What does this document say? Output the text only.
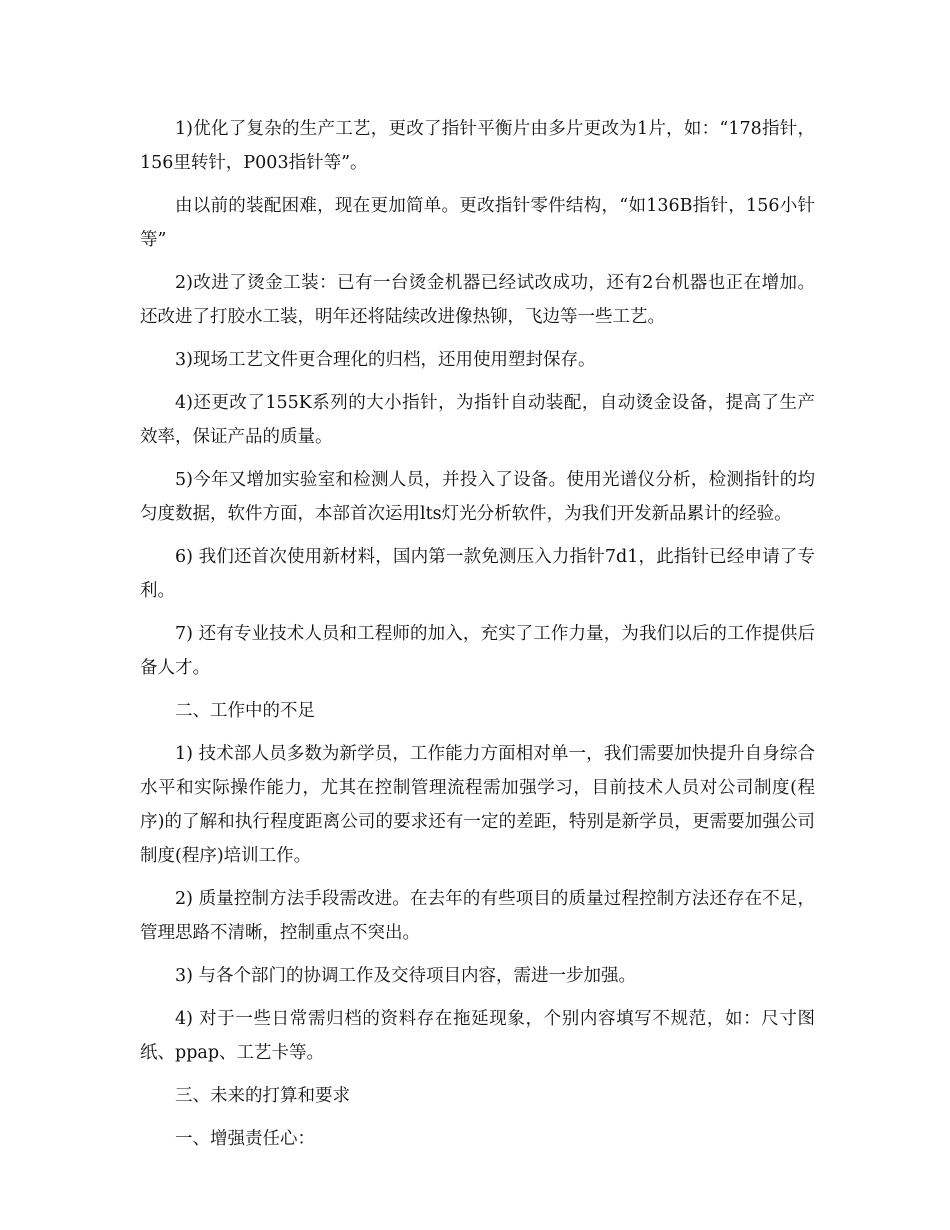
1)优化了复杂的生产工艺，更改了指针平衡片由多片更改为1片，如：“178指针，156里转针，P003指针等”。

由以前的装配困难，现在更加简单。更改指针零件结构，“如136B指针，156小针等”

2)改进了烫金工装：已有一台烫金机器已经试改成功，还有2台机器也正在增加。还改进了打胶水工装，明年还将陆续改进像热铆，飞边等一些工艺。

3)现场工艺文件更合理化的归档，还用使用塑封保存。

4)还更改了155K系列的大小指针，为指针自动装配，自动烫金设备，提高了生产效率，保证产品的质量。

5)今年又增加实验室和检测人员，并投入了设备。使用光谱仪分析，检测指针的均匀度数据，软件方面，本部首次运用lts灯光分析软件，为我们开发新品累计的经验。

6) 我们还首次使用新材料，国内第一款免测压入力指针7d1，此指针已经申请了专利。

7) 还有专业技术人员和工程师的加入，充实了工作力量，为我们以后的工作提供后备人才。

二、工作中的不足

1) 技术部人员多数为新学员，工作能力方面相对单一，我们需要加快提升自身综合水平和实际操作能力，尤其在控制管理流程需加强学习，目前技术人员对公司制度(程序)的了解和执行程度距离公司的要求还有一定的差距，特别是新学员，更需要加强公司制度(程序)培训工作。

2) 质量控制方法手段需改进。在去年的有些项目的质量过程控制方法还存在不足，管理思路不清晰，控制重点不突出。

3) 与各个部门的协调工作及交待项目内容，需进一步加强。

4) 对于一些日常需归档的资料存在拖延现象，个别内容填写不规范，如：尺寸图纸、ppap、工艺卡等。

三、未来的打算和要求

一、增强责任心：
